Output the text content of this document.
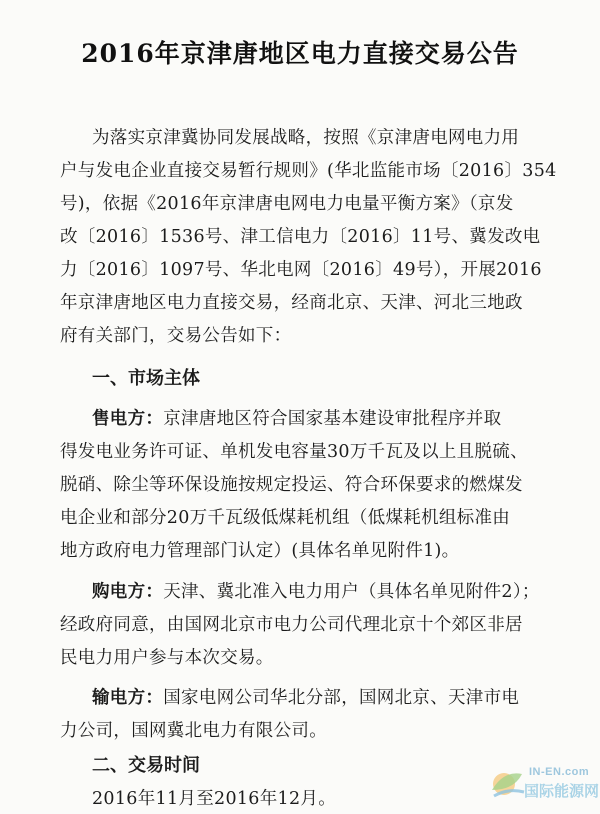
2016年京津唐地区电力直接交易公告
为落实京津冀协同发展战略，按照《京津唐电网电力用
户与发电企业直接交易暂行规则》(华北监能市场〔2016〕354
号)，依据《2016年京津唐电网电力电量平衡方案》（京发
改〔2016〕1536号、津工信电力〔2016〕11号、冀发改电
力〔2016〕1097号、华北电网〔2016〕49号），开展2016
年京津唐地区电力直接交易，经商北京、天津、河北三地政
府有关部门，交易公告如下：
一、市场主体
售电方：京津唐地区符合国家基本建设审批程序并取
得发电业务许可证、单机发电容量30万千瓦及以上且脱硫、
脱硝、除尘等环保设施按规定投运、符合环保要求的燃煤发
电企业和部分20万千瓦级低煤耗机组（低煤耗机组标准由
地方政府电力管理部门认定）(具体名单见附件1)。
购电方：天津、冀北准入电力用户（具体名单见附件2）；
经政府同意，由国网北京市电力公司代理北京十个郊区非居
民电力用户参与本次交易。
输电方：国家电网公司华北分部，国网北京、天津市电
力公司，国网冀北电力有限公司。
二、交易时间
2016年11月至2016年12月。
IN-EN.com
国际能源网
